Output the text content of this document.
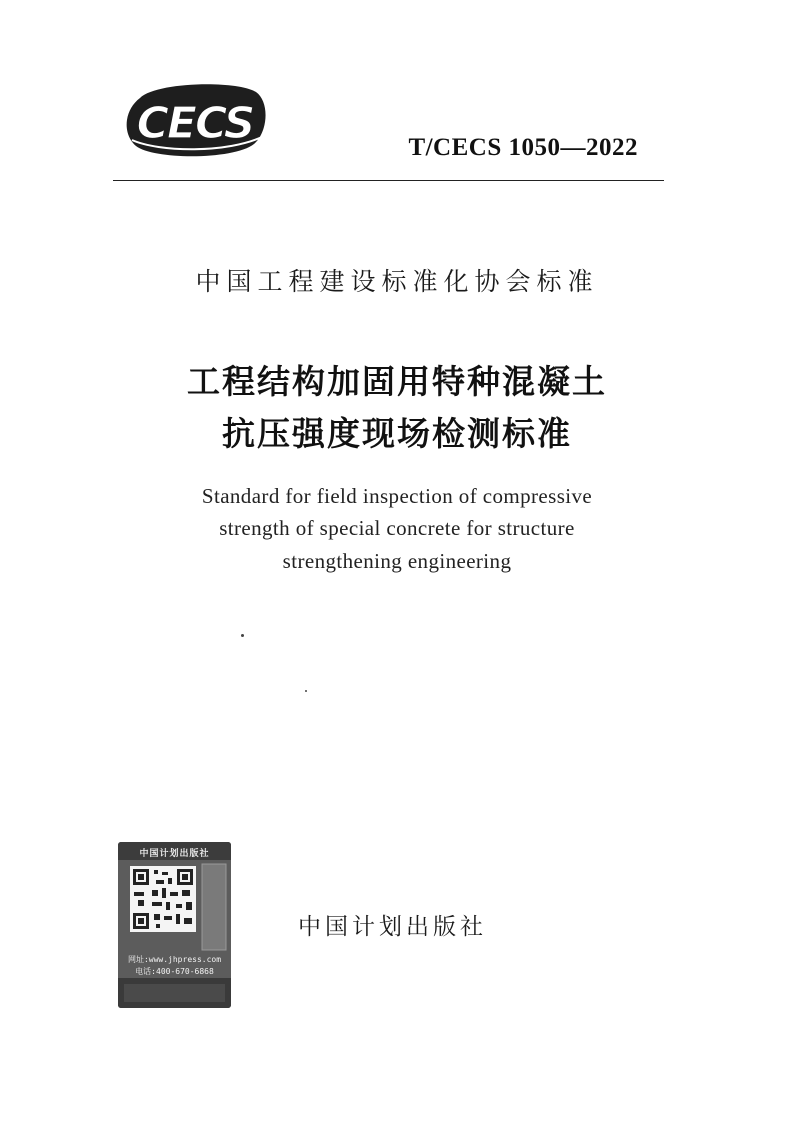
CECS	T/CECS 1050—2022
中国工程建设标准化协会标准
工程结构加固用特种混凝土
抗压强度现场检测标准
Standard for field inspection of compressive
strength of special concrete for structure
strengthening engineering
中国计划出版社
网址:www.jhpress.com
电话:400-670-6868
中国计划出版社
